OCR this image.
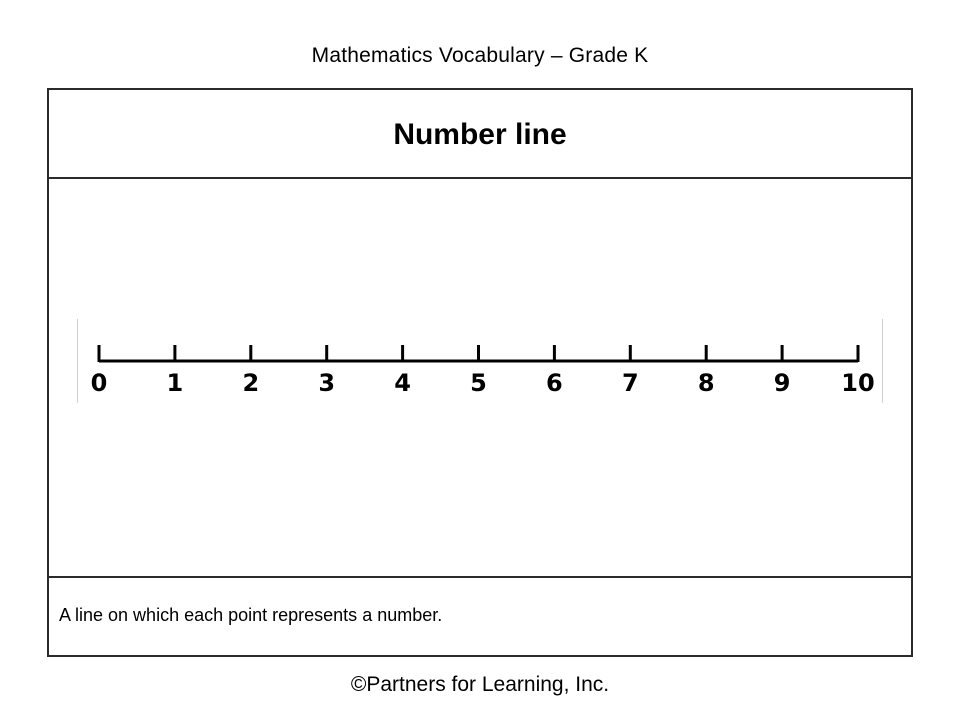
Mathematics Vocabulary – Grade K
Number line
0 1 2 3 4 5 6 7 8 9 10
A line on which each point represents a number.
©Partners for Learning, Inc.
